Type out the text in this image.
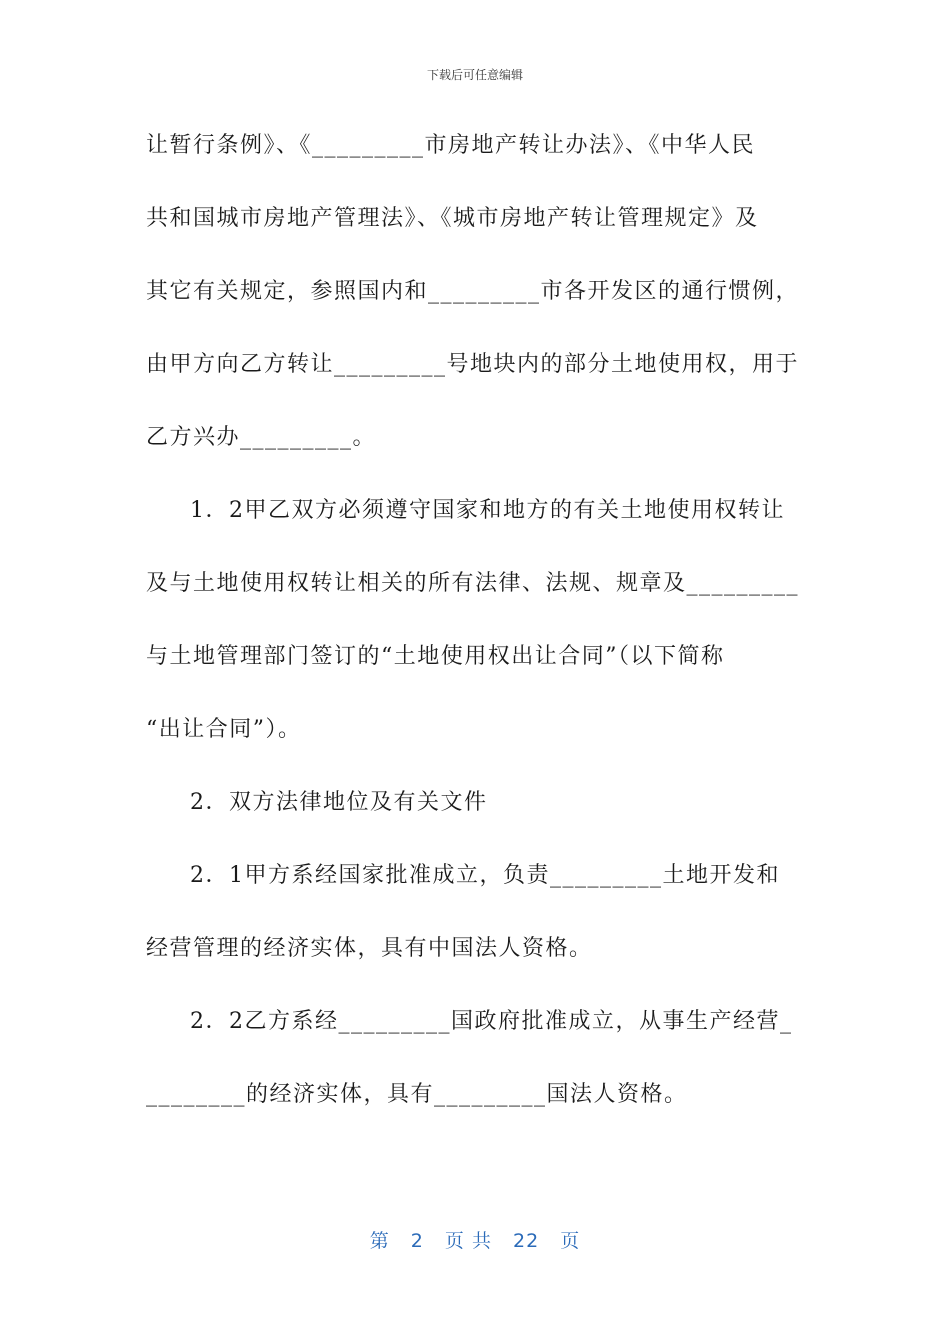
下载后可任意编辑
让暂行条例》、《_________市房地产转让办法》、《中华人民
共和国城市房地产管理法》、《城市房地产转让管理规定》及
其它有关规定，参照国内和_________市各开发区的通行惯例，
由甲方向乙方转让_________号地块内的部分土地使用权，用于
乙方兴办_________。
1．2甲乙双方必须遵守国家和地方的有关土地使用权转让
及与土地使用权转让相关的所有法律、法规、规章及_________
与土地管理部门签订的“土地使用权出让合同”（以下简称
“出让合同”）。
2．双方法律地位及有关文件
2．1甲方系经国家批准成立，负责_________土地开发和
经营管理的经济实体，具有中国法人资格。
2．2乙方系经_________国政府批准成立，从事生产经营_
________的经济实体，具有_________国法人资格。
第 2 页 共 22 页
